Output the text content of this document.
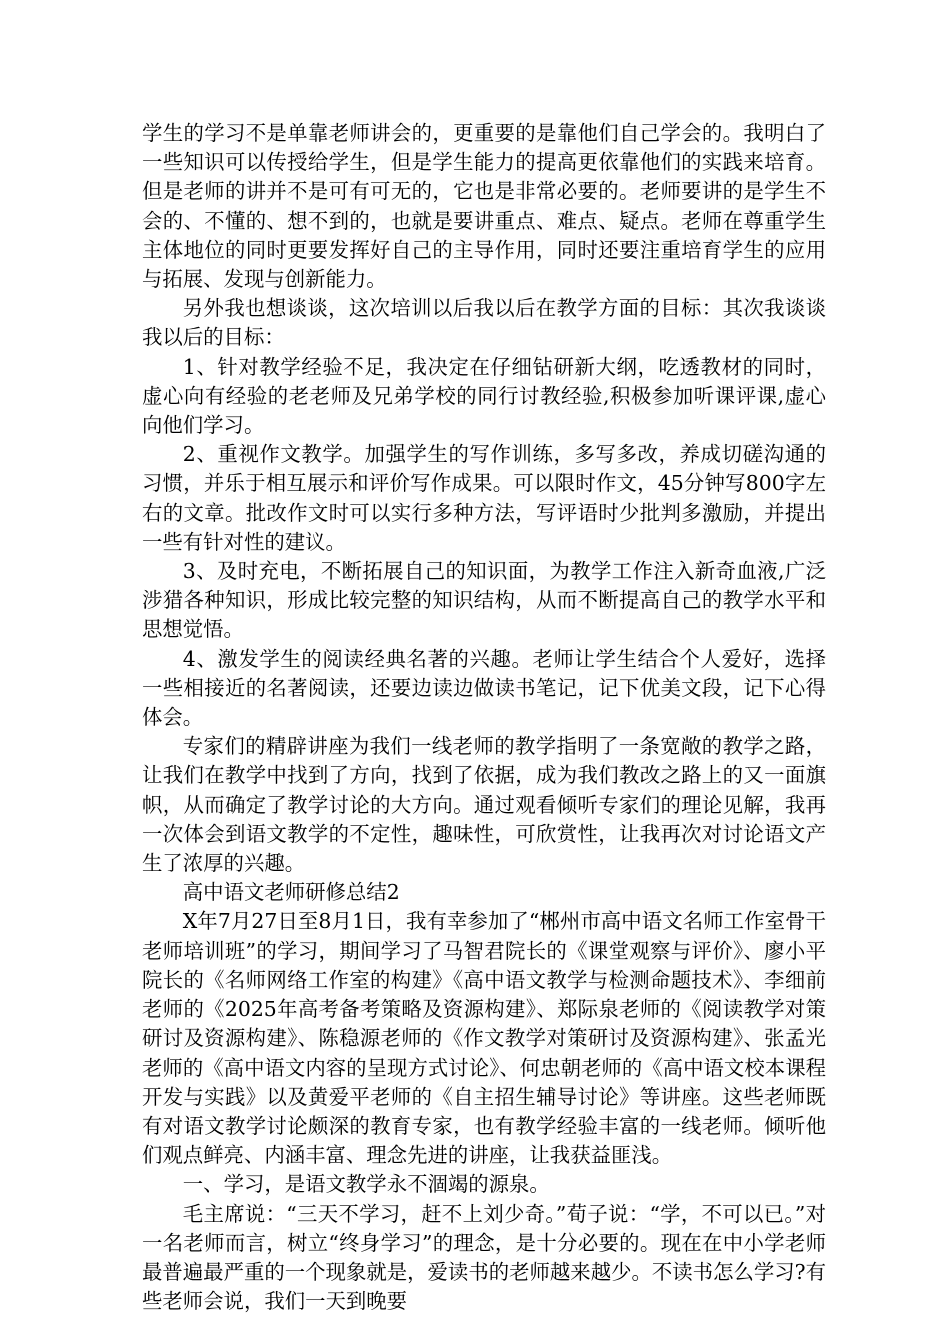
学生的学习不是单靠老师讲会的，更重要的是靠他们自己学会的。我明白了一些知识可以传授给学生，但是学生能力的提高更依靠他们的实践来培育。但是老师的讲并不是可有可无的，它也是非常必要的。老师要讲的是学生不会的、不懂的、想不到的，也就是要讲重点、难点、疑点。老师在尊重学生主体地位的同时更要发挥好自己的主导作用，同时还要注重培育学生的应用与拓展、发现与创新能力。

另外我也想谈谈，这次培训以后我以后在教学方面的目标：其次我谈谈我以后的目标：

1、针对教学经验不足，我决定在仔细钻研新大纲，吃透教材的同时，虚心向有经验的老老师及兄弟学校的同行讨教经验,积极参加听课评课,虚心向他们学习。

2、重视作文教学。加强学生的写作训练，多写多改，养成切磋沟通的习惯，并乐于相互展示和评价写作成果。可以限时作文，45分钟写800字左右的文章。批改作文时可以实行多种方法，写评语时少批判多激励，并提出一些有针对性的建议。

3、及时充电，不断拓展自己的知识面，为教学工作注入新奇血液,广泛涉猎各种知识，形成比较完整的知识结构，从而不断提高自己的教学水平和思想觉悟。

4、激发学生的阅读经典名著的兴趣。老师让学生结合个人爱好，选择一些相接近的名著阅读，还要边读边做读书笔记，记下优美文段，记下心得体会。

专家们的精辟讲座为我们一线老师的教学指明了一条宽敞的教学之路，让我们在教学中找到了方向，找到了依据，成为我们教改之路上的又一面旗帜，从而确定了教学讨论的大方向。通过观看倾听专家们的理论见解，我再一次体会到语文教学的不定性，趣味性，可欣赏性，让我再次对讨论语文产生了浓厚的兴趣。

高中语文老师研修总结2

X年7月27日至8月1日，我有幸参加了“郴州市高中语文名师工作室骨干老师培训班”的学习，期间学习了马智君院长的《课堂观察与评价》、廖小平院长的《名师网络工作室的构建》《高中语文教学与检测命题技术》、李细前老师的《2025年高考备考策略及资源构建》、郑际泉老师的《阅读教学对策研讨及资源构建》、陈稳源老师的《作文教学对策研讨及资源构建》、张孟光老师的《高中语文内容的呈现方式讨论》、何忠朝老师的《高中语文校本课程开发与实践》以及黄爱平老师的《自主招生辅导讨论》等讲座。这些老师既有对语文教学讨论颇深的教育专家，也有教学经验丰富的一线老师。倾听他们观点鲜亮、内涵丰富、理念先进的讲座，让我获益匪浅。

一、学习，是语文教学永不涸竭的源泉。

毛主席说：“三天不学习，赶不上刘少奇。”荀子说：“学，不可以已。”对一名老师而言，树立“终身学习”的理念，是十分必要的。现在在中小学老师最普遍最严重的一个现象就是，爱读书的老师越来越少。不读书怎么学习?有些老师会说，我们一天到晚要
